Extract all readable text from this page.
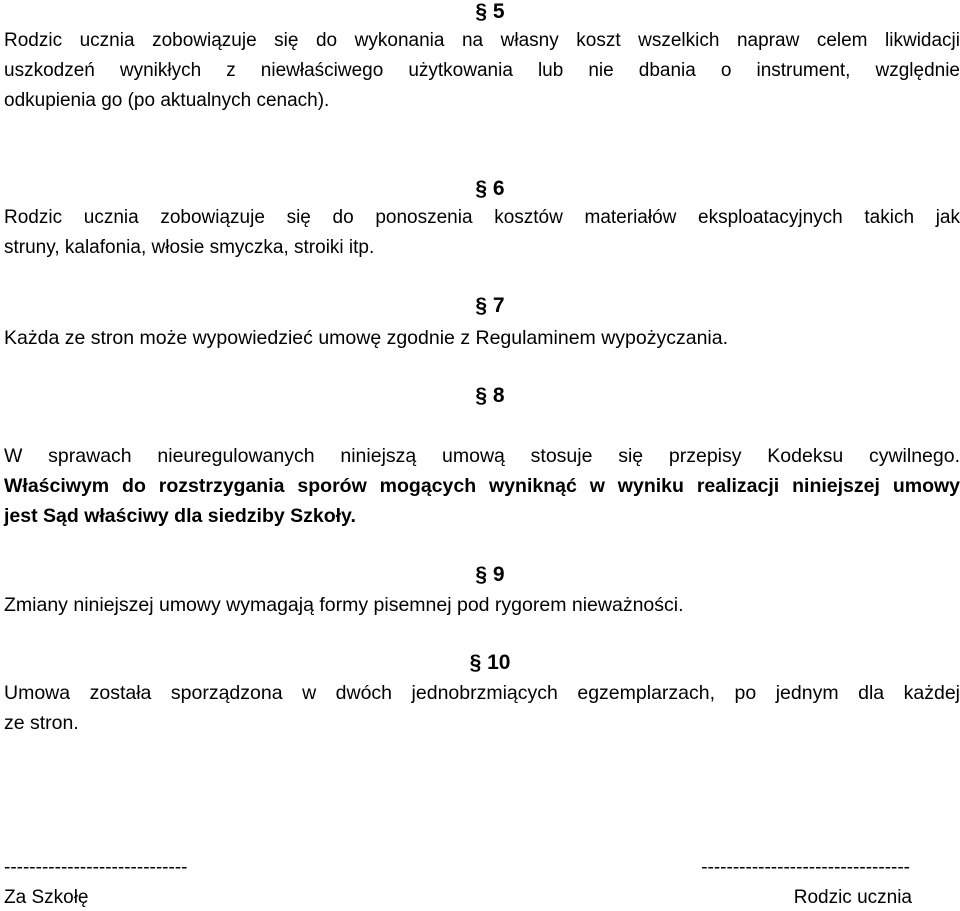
§ 5
Rodzic ucznia zobowiązuje się do wykonania na własny koszt wszelkich napraw celem likwidacji
uszkodzeń wynikłych z niewłaściwego użytkowania lub nie dbania o instrument, względnie
odkupienia go (po aktualnych cenach).
§ 6
Rodzic ucznia zobowiązuje się do ponoszenia kosztów materiałów eksploatacyjnych takich jak
struny, kalafonia, włosie smyczka, stroiki itp.
§ 7
Każda ze stron może wypowiedzieć umowę zgodnie z Regulaminem wypożyczania.
§ 8
W sprawach nieuregulowanych niniejszą umową stosuje się przepisy Kodeksu cywilnego.
Właściwym do rozstrzygania sporów mogących wyniknąć w wyniku realizacji niniejszej umowy
jest Sąd właściwy dla siedziby Szkoły.
§ 9
Zmiany niniejszej umowy wymagają formy pisemnej pod rygorem nieważności.
§ 10
Umowa została sporządzona w dwóch jednobrzmiących egzemplarzach, po jednym dla każdej
ze stron.
-----------------------------
Za Szkołę
---------------------------------
Rodzic ucznia
